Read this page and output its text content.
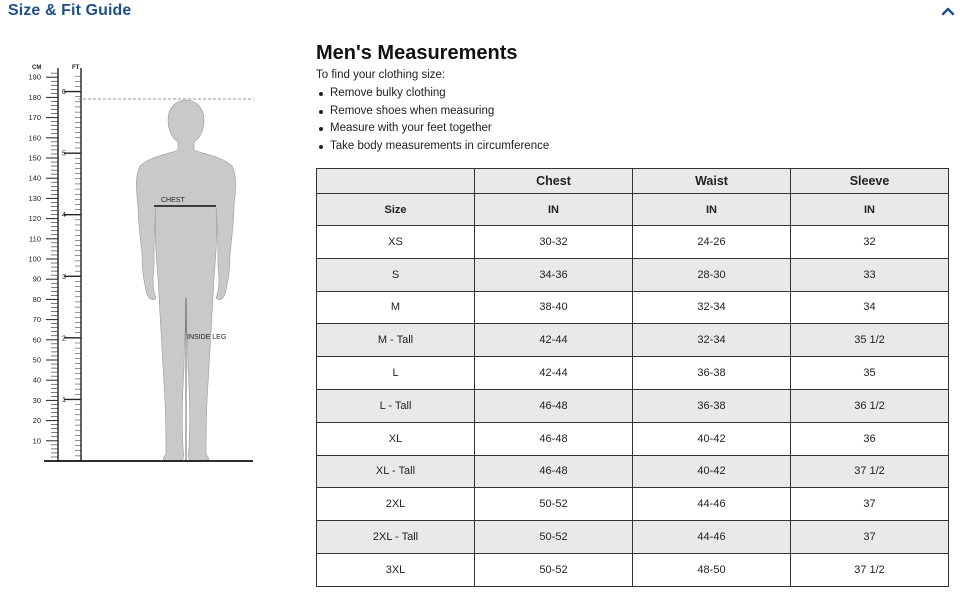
Size & Fit Guide
CM	FT
190
180
170
160
150
140
130
120
110
100
90
80
70
60
50
40
30
20
10
6
5
4
3
2
1
CHEST
INSIDE LEG
Men's Measurements
To find your clothing size:
Remove bulky clothing
Remove shoes when measuring
Measure with your feet together
Take body measurements in circumference
	Chest	Waist	Sleeve
Size	IN	IN	IN
XS	30-32	24-26	32
S	34-36	28-30	33
M	38-40	32-34	34
M - Tall	42-44	32-34	35 1/2
L	42-44	36-38	35
L - Tall	46-48	36-38	36 1/2
XL	46-48	40-42	36
XL - Tall	46-48	40-42	37 1/2
2XL	50-52	44-46	37
2XL - Tall	50-52	44-46	37
3XL	50-52	48-50	37 1/2
